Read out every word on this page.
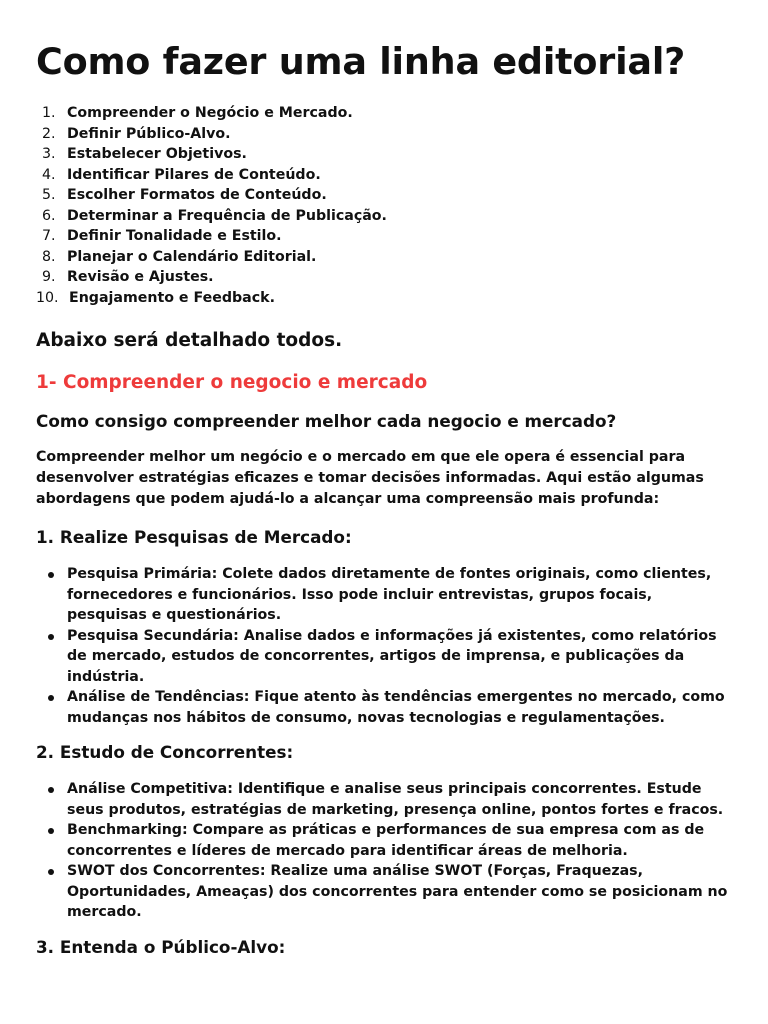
Como fazer uma linha editorial?
1. Compreender o Negócio e Mercado.
2. Definir Público-Alvo.
3. Estabelecer Objetivos.
4. Identificar Pilares de Conteúdo.
5. Escolher Formatos de Conteúdo.
6. Determinar a Frequência de Publicação.
7. Definir Tonalidade e Estilo.
8. Planejar o Calendário Editorial.
9. Revisão e Ajustes.
10. Engajamento e Feedback.
Abaixo será detalhado todos.
1- Compreender o negocio e mercado
Como consigo compreender melhor cada negocio e mercado?

Compreender melhor um negócio e o mercado em que ele opera é essencial para desenvolver estratégias eficazes e tomar decisões informadas. Aqui estão algumas abordagens que podem ajudá-lo a alcançar uma compreensão mais profunda:

1. Realize Pesquisas de Mercado:
Pesquisa Primária: Colete dados diretamente de fontes originais, como clientes, fornecedores e funcionários. Isso pode incluir entrevistas, grupos focais, pesquisas e questionários.
Pesquisa Secundária: Analise dados e informações já existentes, como relatórios de mercado, estudos de concorrentes, artigos de imprensa, e publicações da indústria.
Análise de Tendências: Fique atento às tendências emergentes no mercado, como mudanças nos hábitos de consumo, novas tecnologias e regulamentações.
2. Estudo de Concorrentes:
Análise Competitiva: Identifique e analise seus principais concorrentes. Estude seus produtos, estratégias de marketing, presença online, pontos fortes e fracos.
Benchmarking: Compare as práticas e performances de sua empresa com as de concorrentes e líderes de mercado para identificar áreas de melhoria.
SWOT dos Concorrentes: Realize uma análise SWOT (Forças, Fraquezas, Oportunidades, Ameaças) dos concorrentes para entender como se posicionam no mercado.
3. Entenda o Público-Alvo:
